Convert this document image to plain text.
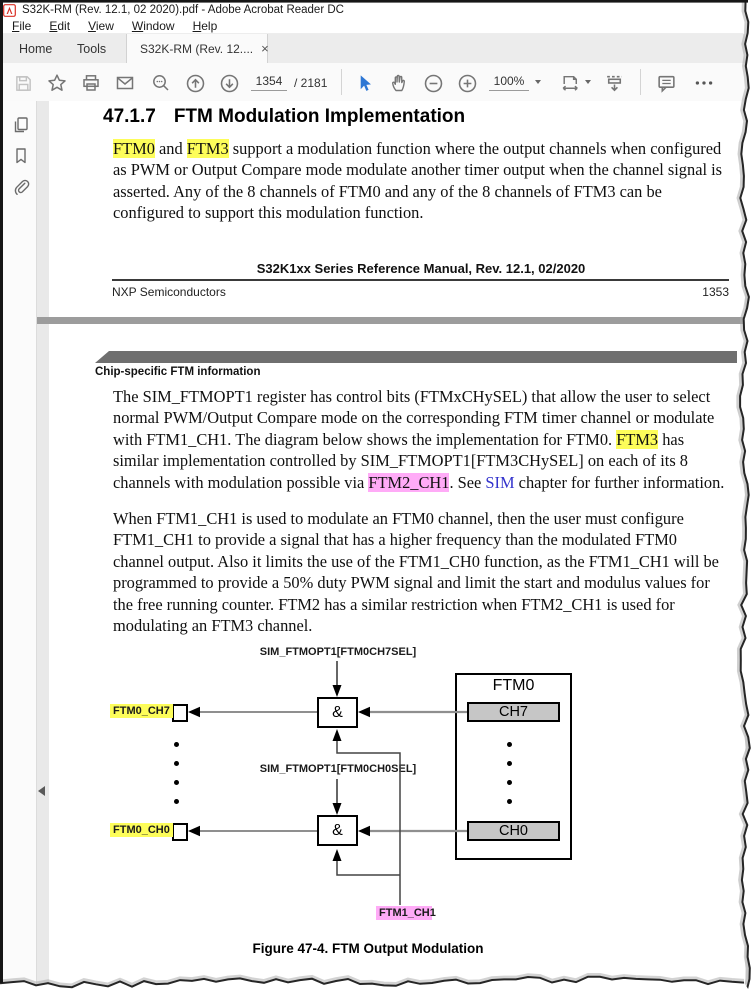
S32K-RM (Rev. 12.1, 02 2020).pdf - Adobe Acrobat Reader DC
File	Edit	View	Window	Help
Home	Tools	S32K-RM (Rev. 12.... ×
1354 / 2181	100%
47.1.7 FTM Modulation Implementation
FTM0 and FTM3 support a modulation function where the output channels when configured as PWM or Output Compare mode modulate another timer output when the channel signal is asserted. Any of the 8 channels of FTM0 and any of the 8 channels of FTM3 can be configured to support this modulation function.
S32K1xx Series Reference Manual, Rev. 12.1, 02/2020
NXP Semiconductors	1353
Chip-specific FTM information
The SIM_FTMOPT1 register has control bits (FTMxCHySEL) that allow the user to select normal PWM/Output Compare mode on the corresponding FTM timer channel or modulate with FTM1_CH1. The diagram below shows the implementation for FTM0. FTM3 has similar implementation controlled by SIM_FTMOPT1[FTM3CHySEL] on each of its 8 channels with modulation possible via FTM2_CH1. See SIM chapter for further information.
When FTM1_CH1 is used to modulate an FTM0 channel, then the user must configure FTM1_CH1 to provide a signal that has a higher frequency than the modulated FTM0 channel output. Also it limits the use of the FTM1_CH0 function, as the FTM1_CH1 will be programmed to provide a 50% duty PWM signal and limit the start and modulus values for the free running counter. FTM2 has a similar restriction when FTM2_CH1 is used for modulating an FTM3 channel.
SIM_FTMOPT1[FTM0CH7SEL]
SIM_FTMOPT1[FTM0CH0SEL]
&
&
FTM0_CH7
FTM0_CH0
FTM0
CH7
CH0
FTM1_CH1
Figure 47-4. FTM Output Modulation
